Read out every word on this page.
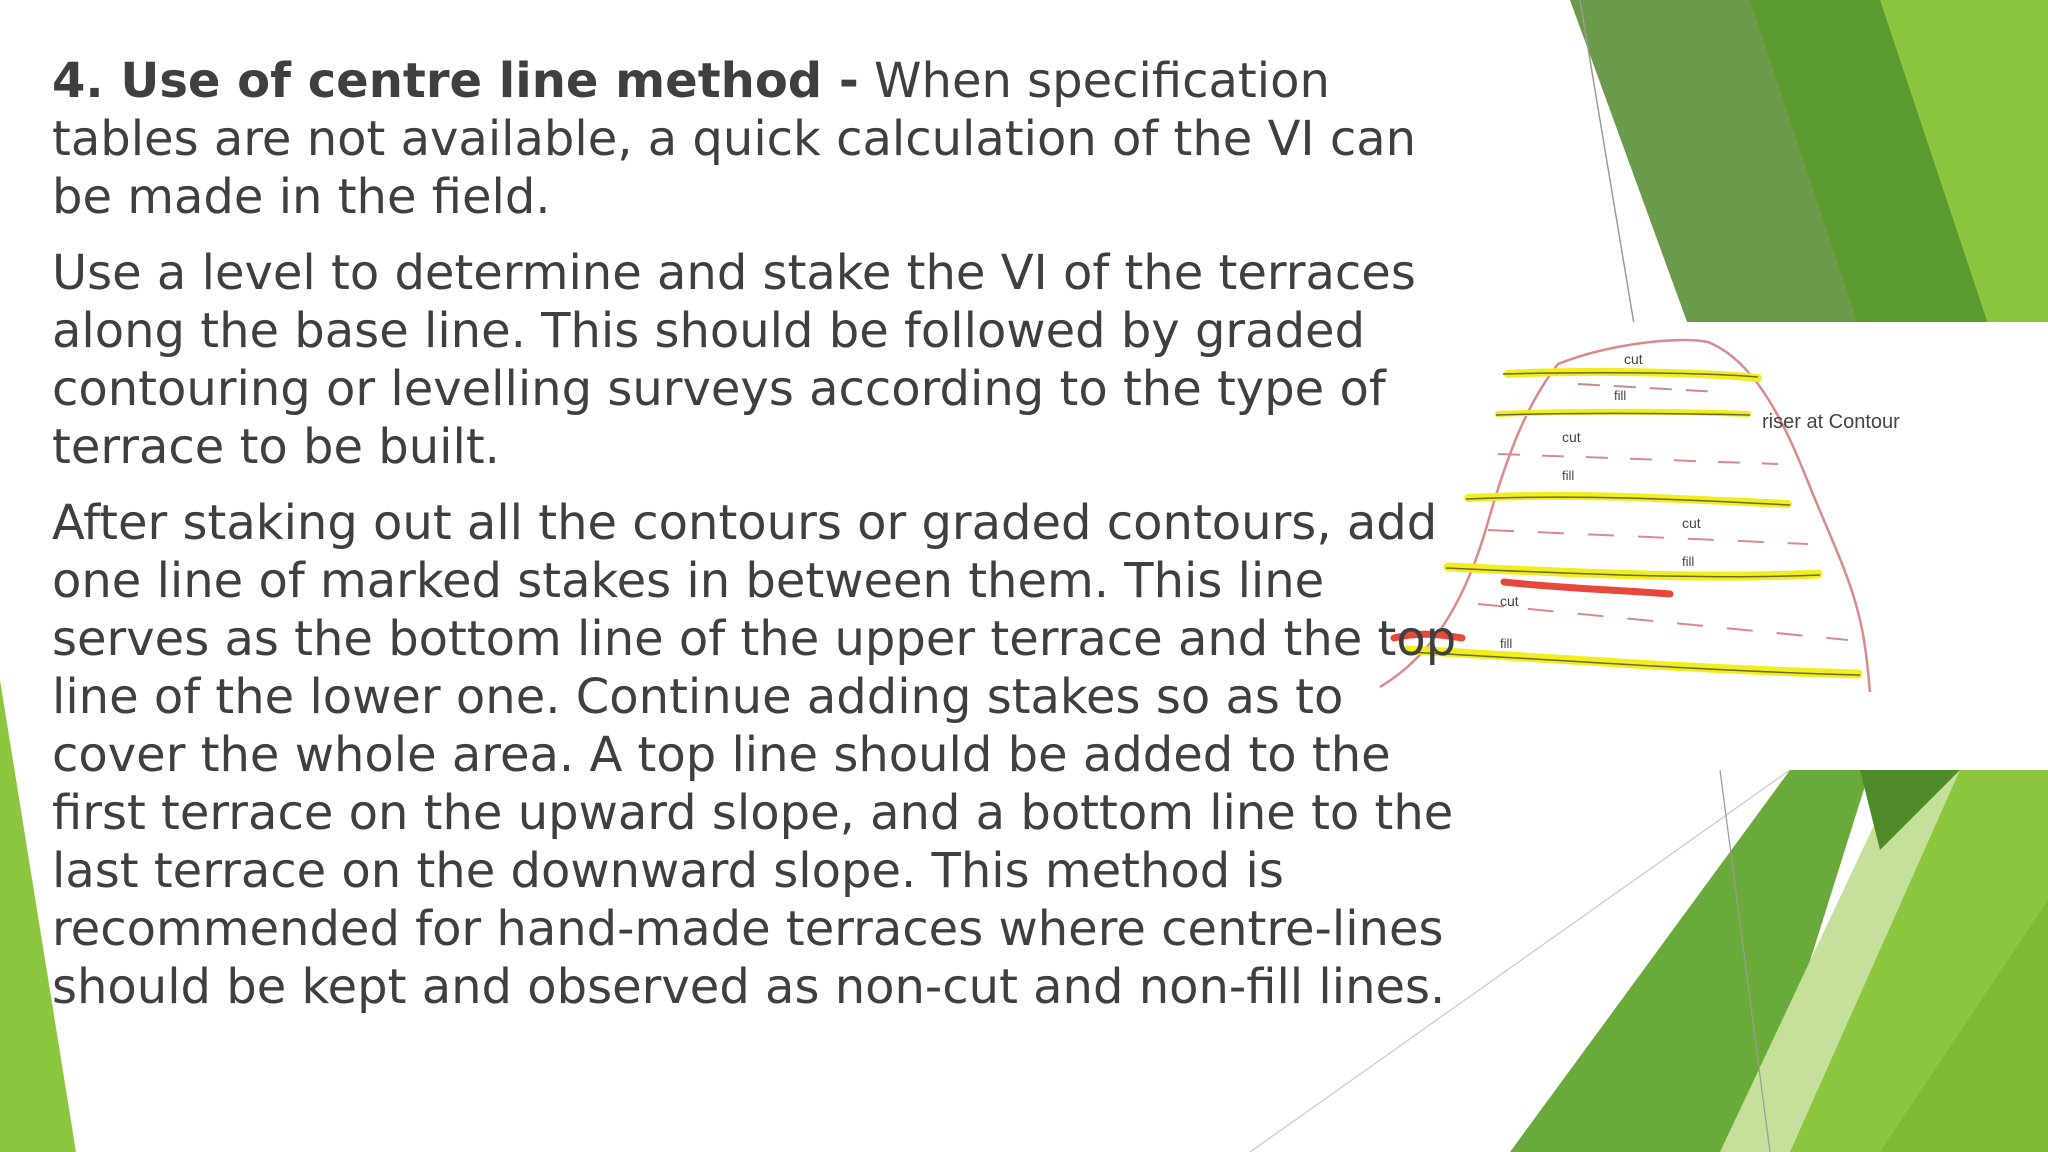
4. Use of centre line method - When specification tables are not available, a quick calculation of the VI can be made in the field.

Use a level to determine and stake the VI of the terraces along the base line. This should be followed by graded contouring or levelling surveys according to the type of terrace to be built.

After staking out all the contours or graded contours, add one line of marked stakes in between them. This line serves as the bottom line of the upper terrace and the top line of the lower one. Continue adding stakes so as to cover the whole area. A top line should be added to the first terrace on the upward slope, and a bottom line to the last terrace on the downward slope. This method is recommended for hand-made terraces where centre-lines should be kept and observed as non-cut and non-fill lines.

cut
fill
cut
fill
cut
fill
cut
fill
riser at Contour
